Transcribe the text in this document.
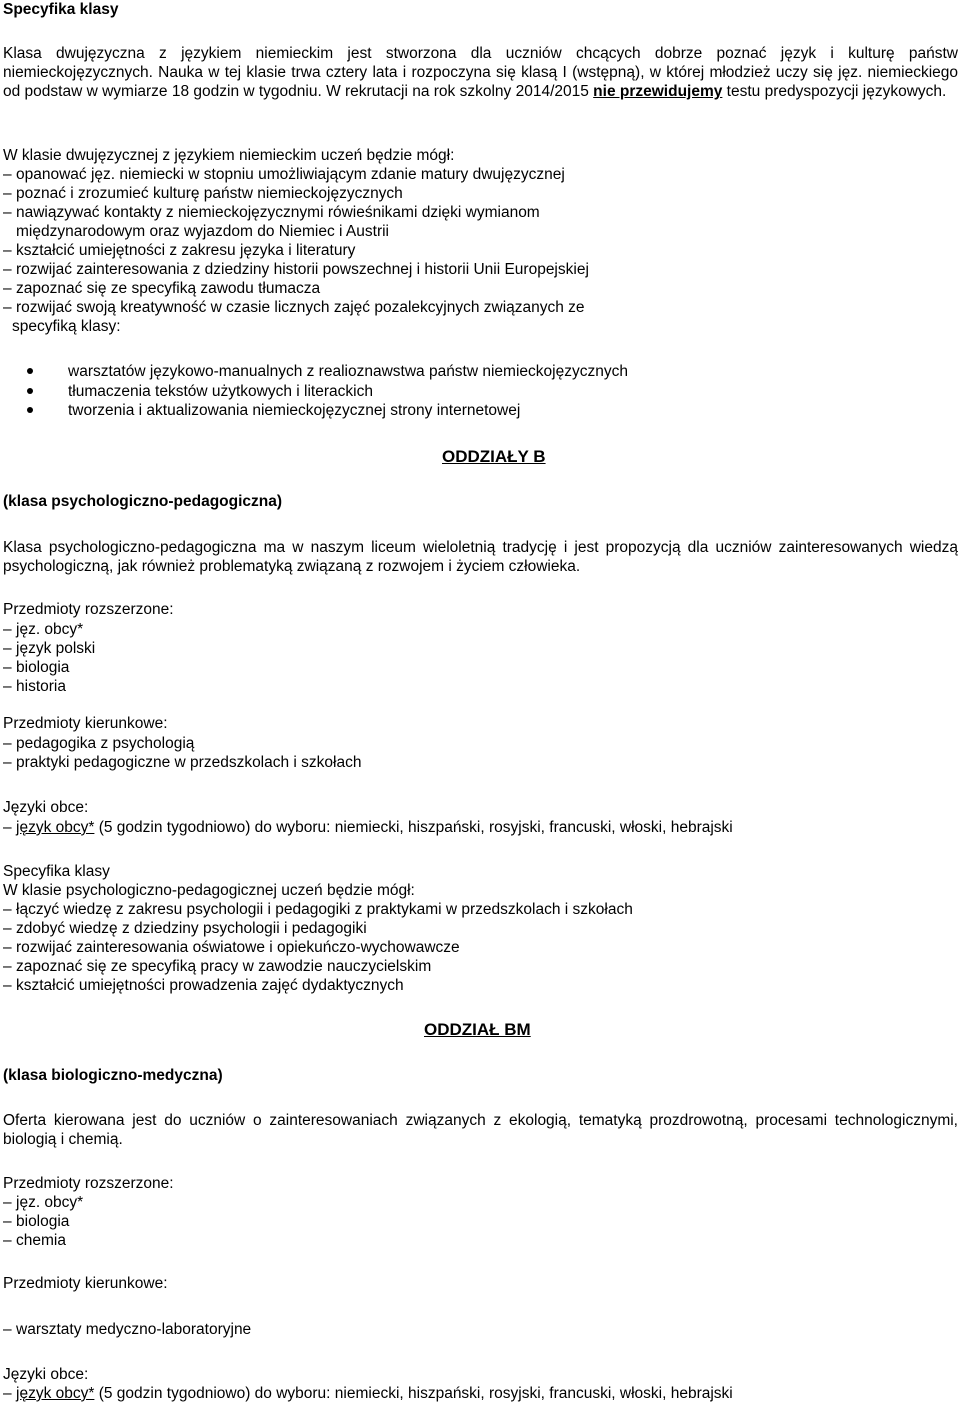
Specyfika klasy

Klasa dwujęzyczna z językiem niemieckim jest stworzona dla uczniów chcących dobrze poznać język i kulturę państw niemieckojęzycznych. Nauka w tej klasie trwa cztery lata i rozpoczyna się klasą I (wstępną), w której młodzież uczy się jęz. niemieckiego od podstaw w wymiarze 18 godzin w tygodniu. W rekrutacji na rok szkolny 2014/2015 nie przewidujemy testu predyspozycji językowych.

W klasie dwujęzycznej z językiem niemieckim uczeń będzie mógł:
– opanować jęz. niemiecki w stopniu umożliwiającym zdanie matury dwujęzycznej
– poznać i zrozumieć kulturę państw niemieckojęzycznych
– nawiązywać kontakty z niemieckojęzycznymi rówieśnikami dzięki wymianom
międzynarodowym oraz wyjazdom do Niemiec i Austrii
– kształcić umiejętności z zakresu języka i literatury
– rozwijać zainteresowania z dziedziny historii powszechnej i historii Unii Europejskiej
– zapoznać się ze specyfiką zawodu tłumacza
– rozwijać swoją kreatywność w czasie licznych zajęć pozalekcyjnych związanych ze
specyfiką klasy:
warsztatów językowo-manualnych z realioznawstwa państw niemieckojęzycznych
tłumaczenia tekstów użytkowych i literackich
tworzenia i aktualizowania niemieckojęzycznej strony internetowej
ODDZIAŁY B
(klasa psychologiczno-pedagogiczna)

Klasa psychologiczno-pedagogiczna ma w naszym liceum wieloletnią tradycję i jest propozycją dla uczniów zainteresowanych wiedzą psychologiczną, jak również problematyką związaną z rozwojem i życiem człowieka.

Przedmioty rozszerzone:
– jęz. obcy*
– język polski
– biologia
– historia
Przedmioty kierunkowe:
– pedagogika z psychologią
– praktyki pedagogiczne w przedszkolach i szkołach
Języki obce:
– język obcy* (5 godzin tygodniowo) do wyboru: niemiecki, hiszpański, rosyjski, francuski, włoski, hebrajski
Specyfika klasy
W klasie psychologiczno-pedagogicznej uczeń będzie mógł:
– łączyć wiedzę z zakresu psychologii i pedagogiki z praktykami w przedszkolach i szkołach
– zdobyć wiedzę z dziedziny psychologii i pedagogiki
– rozwijać zainteresowania oświatowe i opiekuńczo-wychowawcze
– zapoznać się ze specyfiką pracy w zawodzie nauczycielskim
– kształcić umiejętności prowadzenia zajęć dydaktycznych
ODDZIAŁ BM
(klasa biologiczno-medyczna)

Oferta kierowana jest do uczniów o zainteresowaniach związanych z ekologią, tematyką prozdrowotną, procesami technologicznymi, biologią i chemią.

Przedmioty rozszerzone:
– jęz. obcy*
– biologia
– chemia
Przedmioty kierunkowe:
– warsztaty medyczno-laboratoryjne
Języki obce:
– język obcy* (5 godzin tygodniowo) do wyboru: niemiecki, hiszpański, rosyjski, francuski, włoski, hebrajski
